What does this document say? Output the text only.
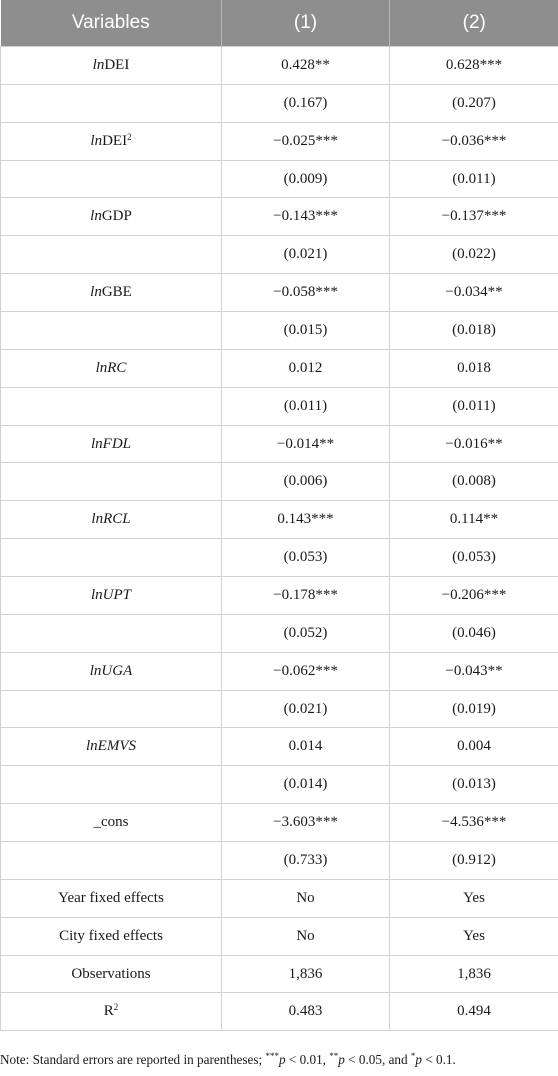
Variables	(1)	(2)
lnDEI	0.428**	0.628***
	(0.167)	(0.207)
lnDEI$^2$	−0.025***	−0.036***
	(0.009)	(0.011)
lnGDP	−0.143***	−0.137***
	(0.021)	(0.022)
lnGBE	−0.058***	−0.034**
	(0.015)	(0.018)
lnRC	0.012	0.018
	(0.011)	(0.011)
lnFDL	−0.014**	−0.016**
	(0.006)	(0.008)
lnRCL	0.143***	0.114**
	(0.053)	(0.053)
lnUPT	−0.178***	−0.206***
	(0.052)	(0.046)
lnUGA	−0.062***	−0.043**
	(0.021)	(0.019)
lnEMVS	0.014	0.004
	(0.014)	(0.013)
_cons	−3.603***	−4.536***
	(0.733)	(0.912)
Year fixed effects	No	Yes
City fixed effects	No	Yes
Observations	1,836	1,836
$R^2$	0.483	0.494
Note: Standard errors are reported in parentheses; ***p < 0.01, **p < 0.05, and *p < 0.1.
